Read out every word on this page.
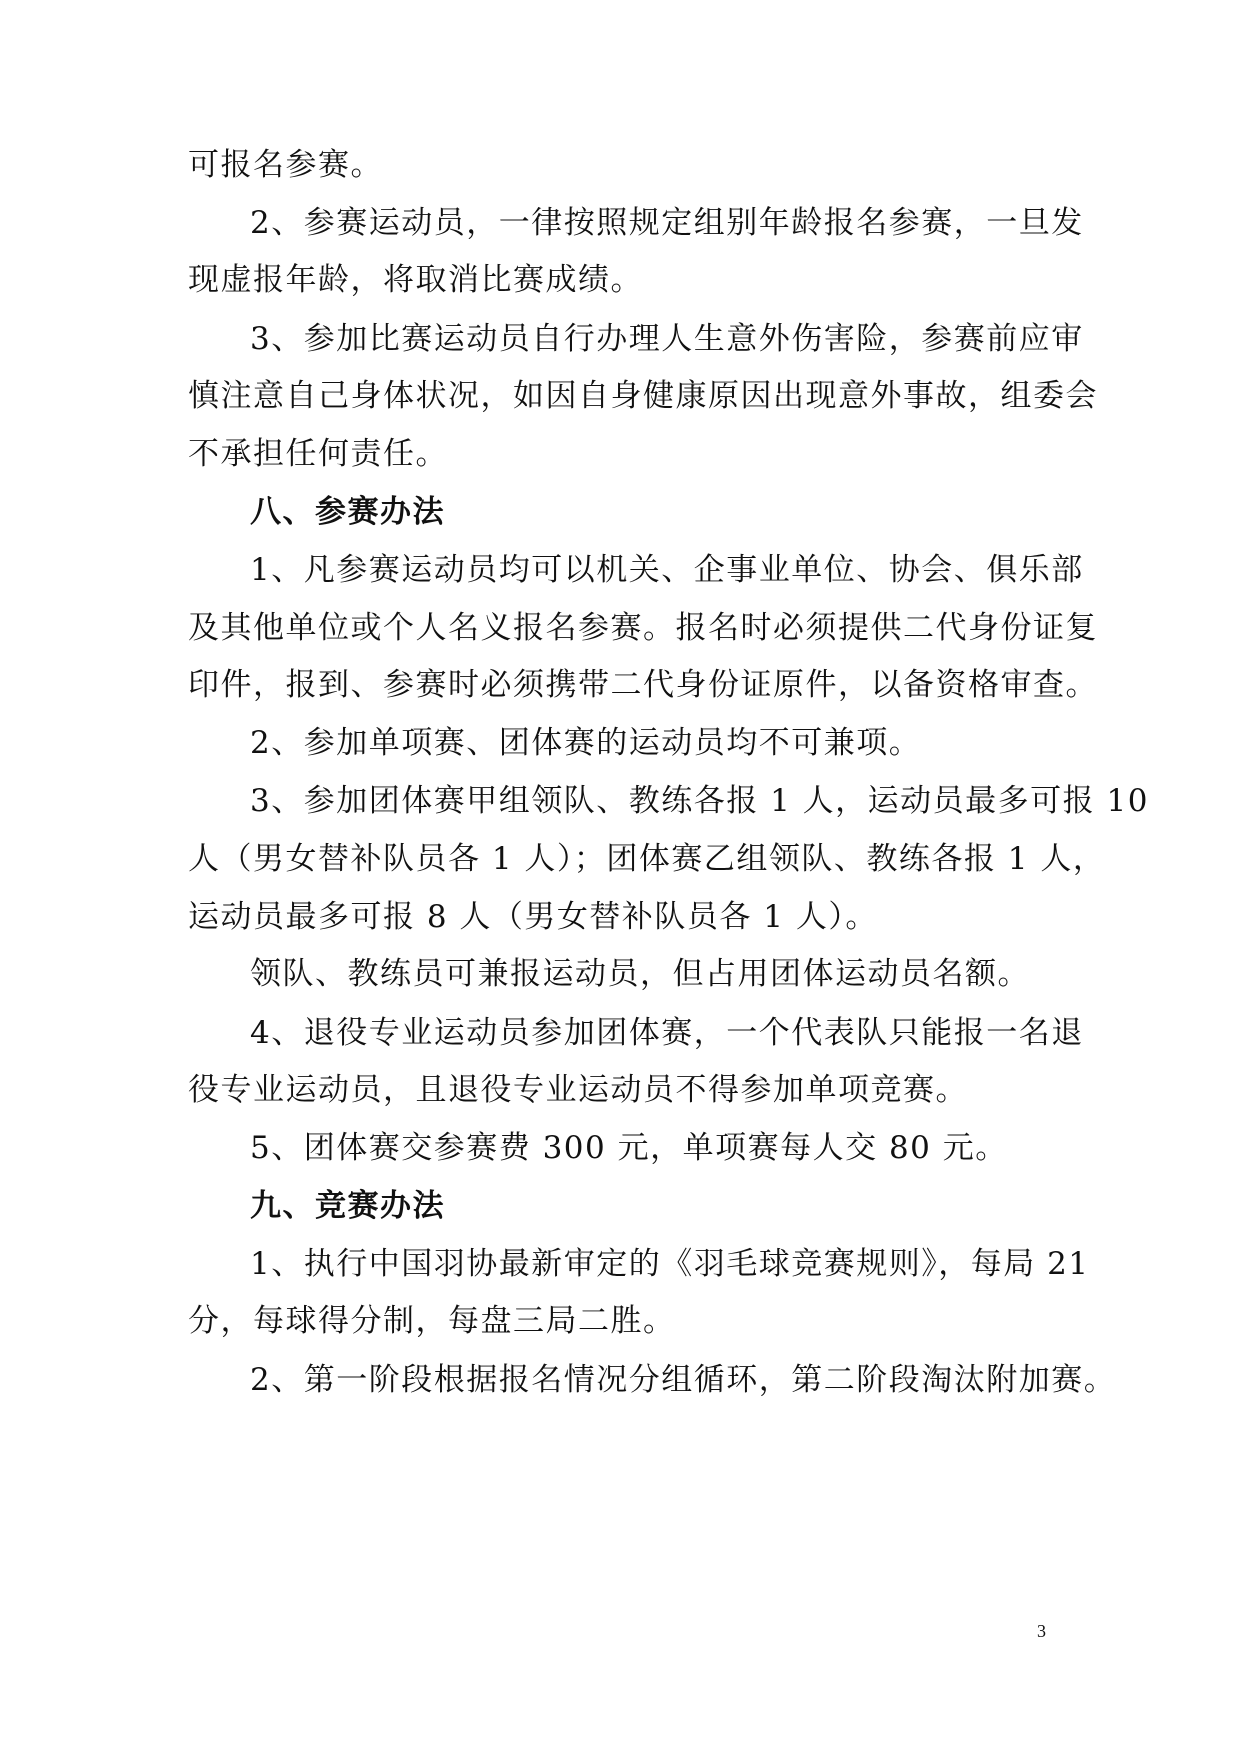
可报名参赛。
2、参赛运动员，一律按照规定组别年龄报名参赛，一旦发
现虚报年龄，将取消比赛成绩。
3、参加比赛运动员自行办理人生意外伤害险，参赛前应审
慎注意自己身体状况，如因自身健康原因出现意外事故，组委会
不承担任何责任。
八、参赛办法
1、凡参赛运动员均可以机关、企事业单位、协会、俱乐部
及其他单位或个人名义报名参赛。报名时必须提供二代身份证复
印件，报到、参赛时必须携带二代身份证原件，以备资格审查。
2、参加单项赛、团体赛的运动员均不可兼项。
3、参加团体赛甲组领队、教练各报 1 人，运动员最多可报 10
人（男女替补队员各 1 人）；团体赛乙组领队、教练各报 1 人，
运动员最多可报 8 人（男女替补队员各 1 人）。
领队、教练员可兼报运动员，但占用团体运动员名额。
4、退役专业运动员参加团体赛，一个代表队只能报一名退
役专业运动员，且退役专业运动员不得参加单项竞赛。
5、团体赛交参赛费 300 元，单项赛每人交 80 元。
九、竞赛办法
1、执行中国羽协最新审定的《羽毛球竞赛规则》，每局 21
分，每球得分制，每盘三局二胜。
2、第一阶段根据报名情况分组循环，第二阶段淘汰附加赛。
3
